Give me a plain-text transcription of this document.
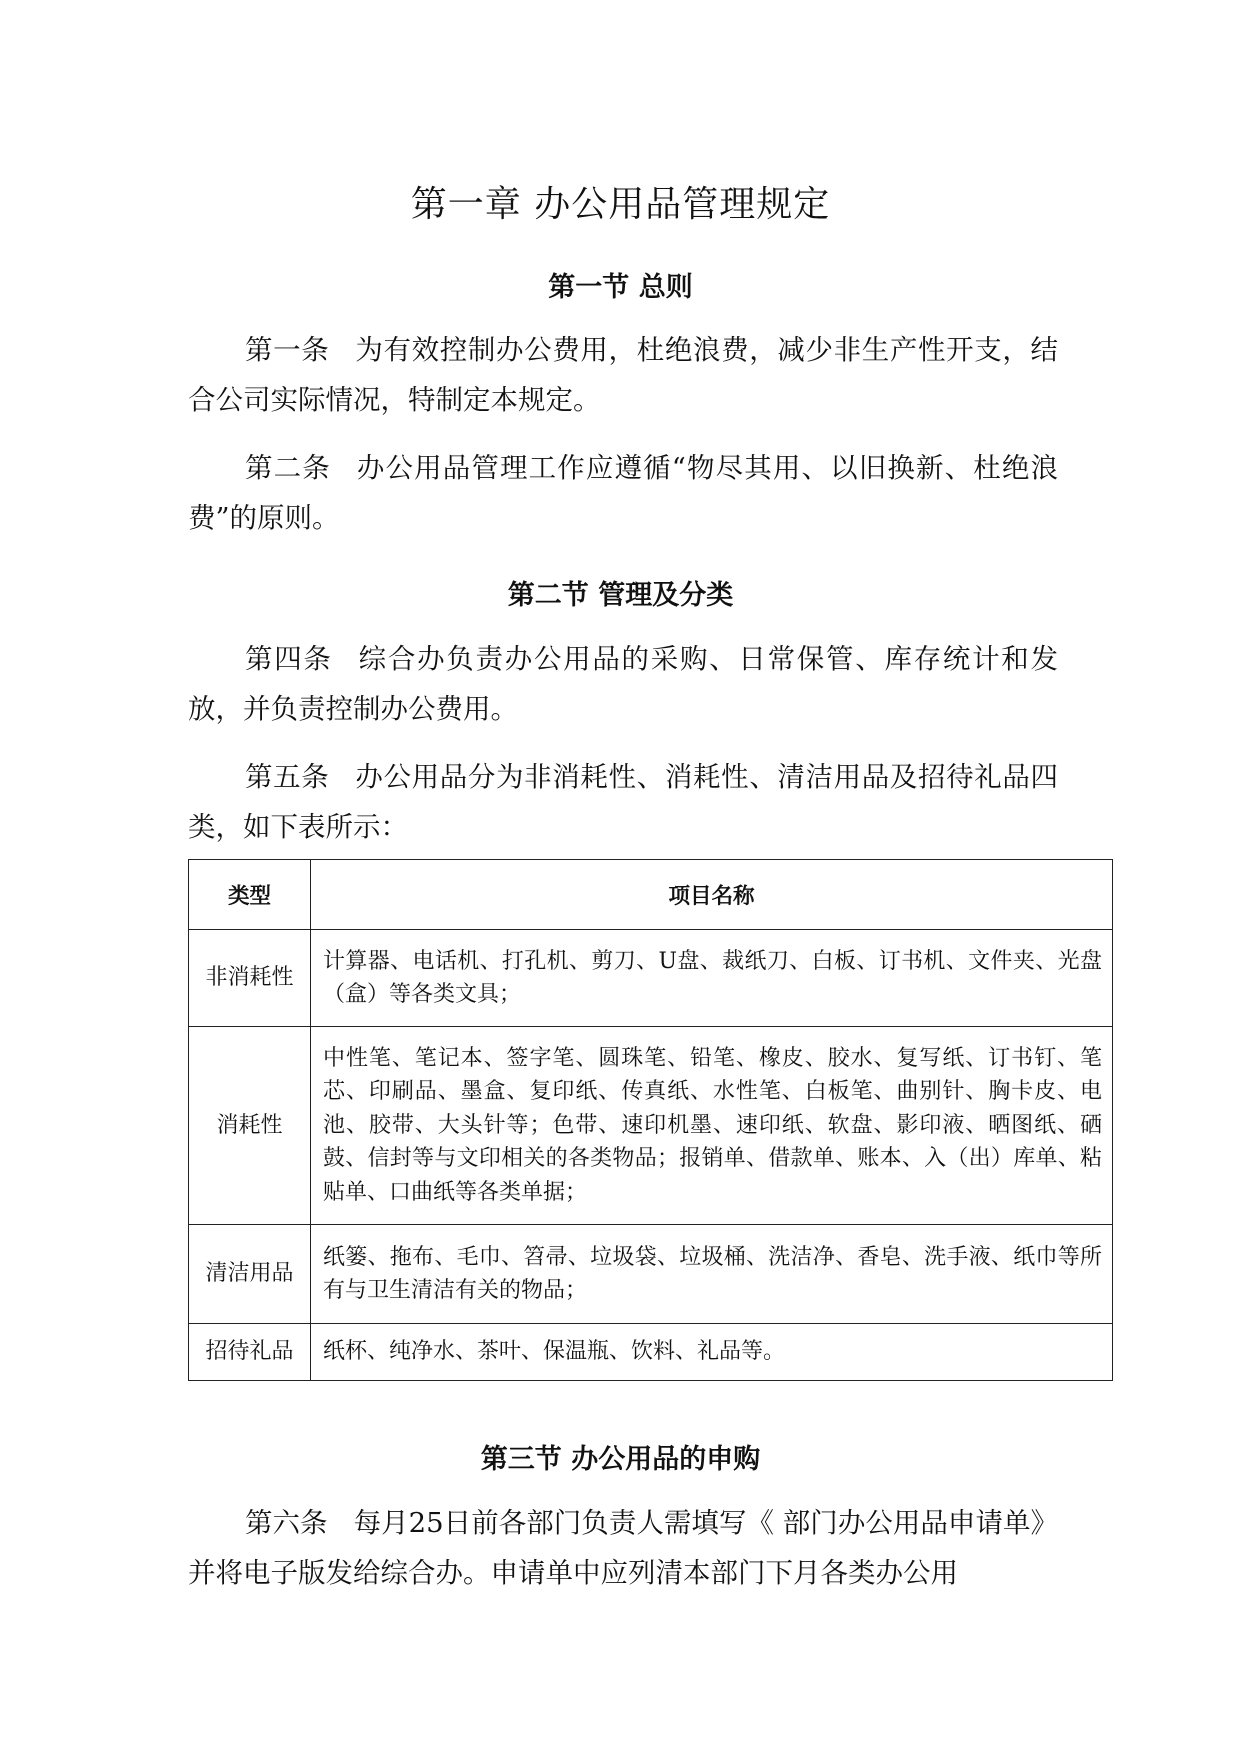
第一章 办公用品管理规定
第一节 总则

第一条 为有效控制办公费用，杜绝浪费，减少非生产性开支，结合公司实际情况，特制定本规定。

第二条 办公用品管理工作应遵循“物尽其用、以旧换新、杜绝浪费”的原则。

第二节 管理及分类

第四条 综合办负责办公用品的采购、日常保管、库存统计和发放，并负责控制办公费用。

第五条 办公用品分为非消耗性、消耗性、清洁用品及招待礼品四类，如下表所示：

类型	项目名称
非消耗性	计算器、电话机、打孔机、剪刀、U盘、裁纸刀、白板、订书机、文件夹、光盘（盒）等各类文具；
消耗性	中性笔、笔记本、签字笔、圆珠笔、铅笔、橡皮、胶水、复写纸、订书钉、笔芯、印刷品、墨盒、复印纸、传真纸、水性笔、白板笔、曲别针、胸卡皮、电池、胶带、大头针等；色带、速印机墨、速印纸、软盘、影印液、晒图纸、硒鼓、信封等与文印相关的各类物品；报销单、借款单、账本、入（出）库单、粘贴单、口曲纸等各类单据；
清洁用品	纸篓、拖布、毛巾、笤帚、垃圾袋、垃圾桶、洗洁净、香皂、洗手液、纸巾等所有与卫生清洁有关的物品；
招待礼品	纸杯、纯净水、茶叶、保温瓶、饮料、礼品等。
第三节 办公用品的申购

第六条 每月25日前各部门负责人需填写《 部门办公用品申请单》并将电子版发给综合办。申请单中应列清本部门下月各类办公用
